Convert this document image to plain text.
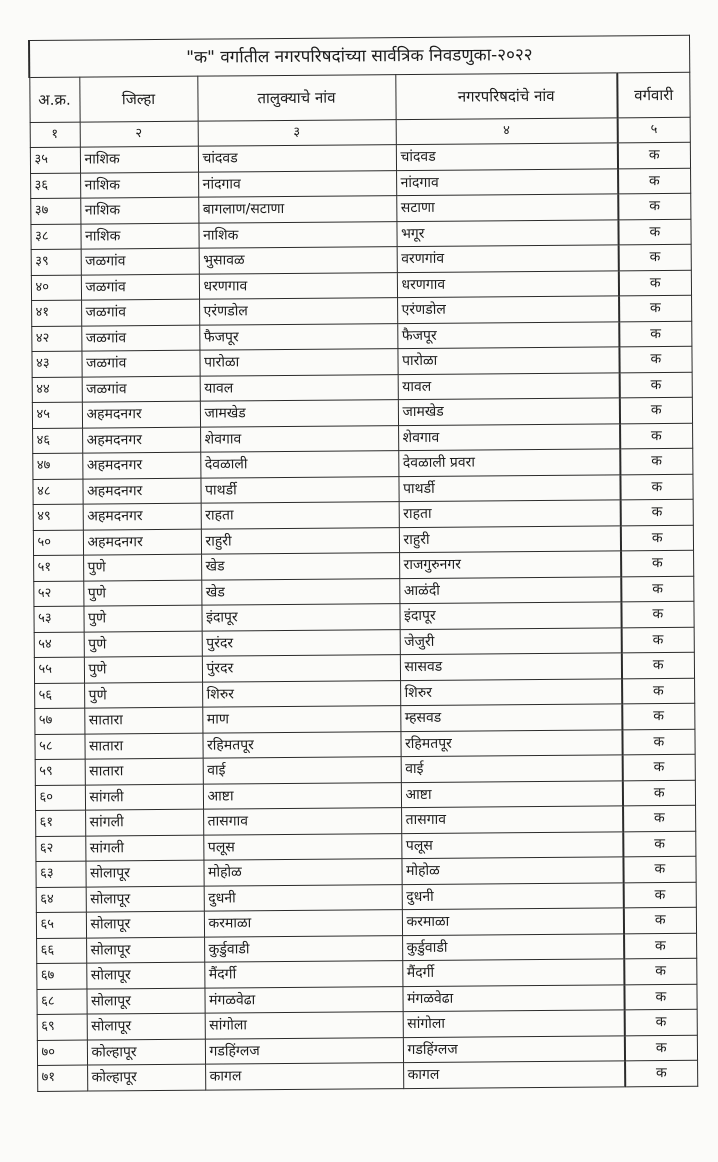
"क" वर्गातील नगरपरिषदांच्या सार्वत्रिक निवडणुका-२०२२				
अ.क्र.	जिल्हा	तालुक्याचे नांव	नगरपरिषदांचे नांव	वर्गवारी
१	२	३	४	५
३५	नाशिक	चांदवड	चांदवड	क
३६	नाशिक	नांदगाव	नांदगाव	क
३७	नाशिक	बागलाण/सटाणा	सटाणा	क
३८	नाशिक	नाशिक	भगूर	क
३९	जळगांव	भुसावळ	वरणगांव	क
४०	जळगांव	धरणगाव	धरणगाव	क
४१	जळगांव	एरंणडोल	एरंणडोल	क
४२	जळगांव	फैजपूर	फैजपूर	क
४३	जळगांव	पारोळा	पारोळा	क
४४	जळगांव	यावल	यावल	क
४५	अहमदनगर	जामखेड	जामखेड	क
४६	अहमदनगर	शेवगाव	शेवगाव	क
४७	अहमदनगर	देवळाली	देवळाली प्रवरा	क
४८	अहमदनगर	पाथर्डी	पाथर्डी	क
४९	अहमदनगर	राहता	राहता	क
५०	अहमदनगर	राहुरी	राहुरी	क
५१	पुणे	खेड	राजगुरुनगर	क
५२	पुणे	खेड	आळंदी	क
५३	पुणे	इंदापूर	इंदापूर	क
५४	पुणे	पुरंदर	जेजुरी	क
५५	पुणे	पुंरदर	सासवड	क
५६	पुणे	शिरुर	शिरुर	क
५७	सातारा	माण	म्हसवड	क
५८	सातारा	रहिमतपूर	रहिमतपूर	क
५९	सातारा	वाई	वाई	क
६०	सांगली	आष्टा	आष्टा	क
६१	सांगली	तासगाव	तासगाव	क
६२	सांगली	पलूस	पलूस	क
६३	सोलापूर	मोहोळ	मोहोळ	क
६४	सोलापूर	दुधनी	दुधनी	क
६५	सोलापूर	करमाळा	करमाळा	क
६६	सोलापूर	कुर्डुवाडी	कुर्डुवाडी	क
६७	सोलापूर	मैंदर्गी	मैंदर्गी	क
६८	सोलापूर	मंगळवेढा	मंगळवेढा	क
६९	सोलापूर	सांगोला	सांगोला	क
७०	कोल्हापूर	गडहिंग्लज	गडहिंग्लज	क
७१	कोल्हापूर	कागल	कागल	क
